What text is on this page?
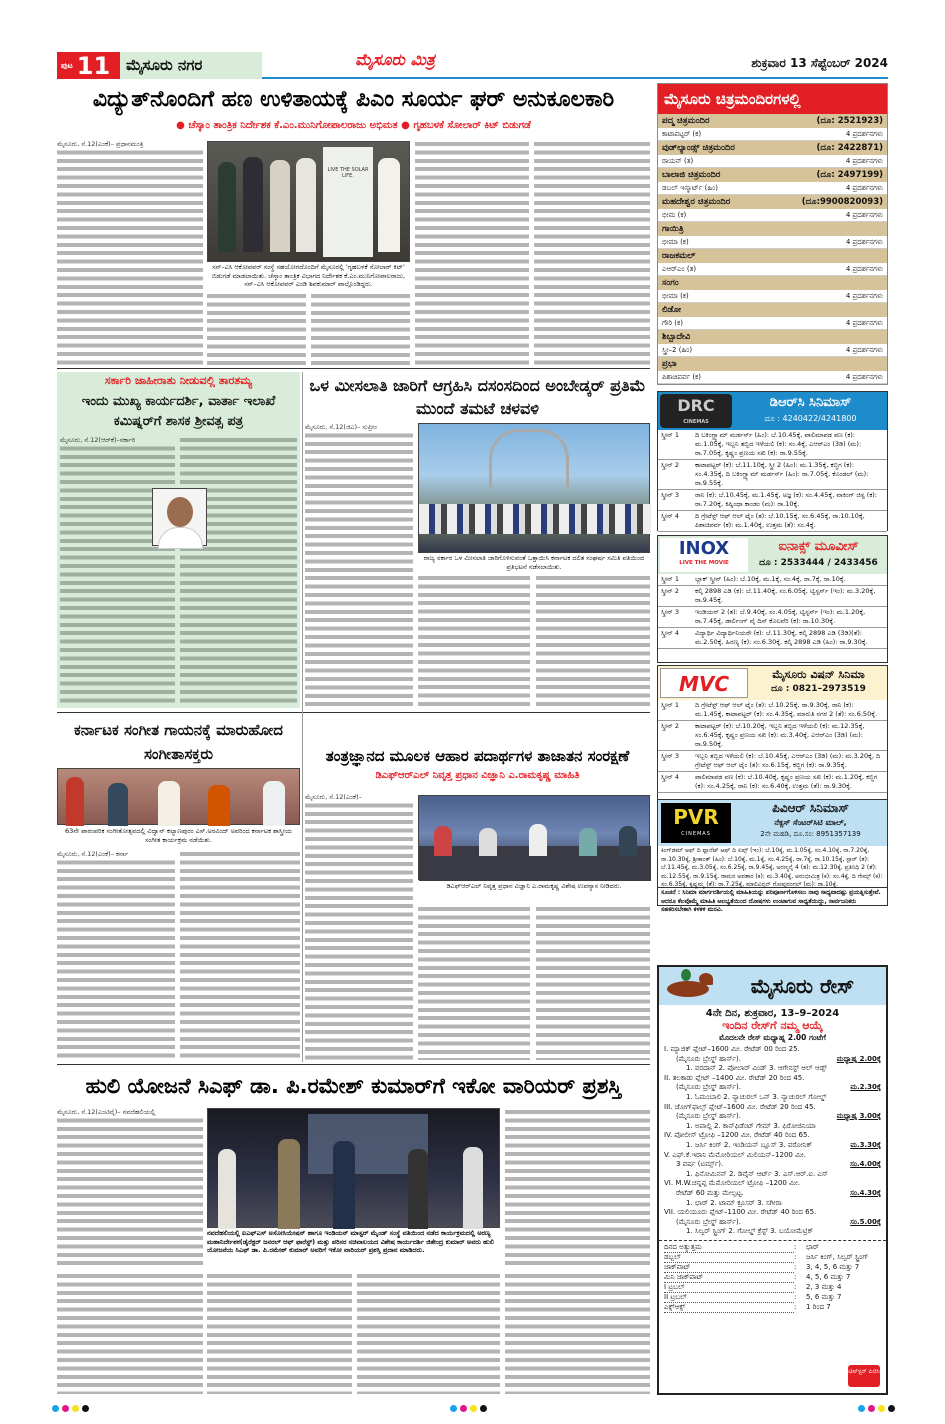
ಪುಟ 11	ಮೈಸೂರು ನಗರ	ಮೈಸೂರು ಮಿತ್ರ	ಶುಕ್ರವಾರ 13 ಸೆಪ್ಟೆಂಬರ್ 2024
ವಿದ್ಯುತ್‌ನೊಂದಿಗೆ ಹಣ ಉಳಿತಾಯಕ್ಕೆ ಪಿಎಂ ಸೂರ್ಯ ಘರ್ ಅನುಕೂಲಕಾರಿ
● ಚೆಸ್ಕಾಂ ತಾಂತ್ರಿಕ ನಿರ್ದೇಶಕ ಕೆ.ಎಂ.ಮುನಿಗೋಪಾಲರಾಜು ಅಭಿಮತ ● ಗೃಹಬಳಕೆ ಸೋಲಾರ್ ಕಿಟ್ ಬಿಡುಗಡೆ
ಮೈಸೂರು, ಸೆ.12(ಎಂಕೆ)– ಪ್ರಧಾನಮಂತ್ರಿ
LIVE THE SOLAR LIFE.
ಸನ್–ಎಸಿ ಆಕೋಪವರ್ ಸಂಸ್ಥೆ ಸಹಯೋಗದೊಂದಿಗೆ ಮೈಸೂರಲ್ಲಿ 'ಗೃಹಬಳಕೆ ಸೋಲಾರ್ ಕಿಟ್' ಬಿಡುಗಡೆ ಮಾಡಲಾಯಿತು. ಚೆಸ್ಕಾಂ ತಾಂತ್ರಿಕ ವಿಭಾಗದ ನಿರ್ದೇಶಕ ಕೆ.ಎಂ.ಮುನಿಗೋಪಾಲರಾಜು, ಸನ್–ಎಸಿ ಆಕೋಪವರ್ ಎಂಡಿ ಶಿವಕುಮಾರ್ ಪಾಲ್ಗೊಂಡಿದ್ದರು.
ಸರ್ಕಾರಿ ಜಾಹೀರಾತು ನೀಡುವಲ್ಲಿ ತಾರತಮ್ಯ
ಇಂದು ಮುಖ್ಯ ಕಾರ್ಯದರ್ಶಿ, ವಾರ್ತಾ ಇಲಾಖೆ ಕಮಿಷ್ನರ್‌ಗೆ ಶಾಸಕ ಶ್ರೀವತ್ಸ ಪತ್ರ
ಮೈಸೂರು, ಸೆ.12(ಆರ್‌ಕೆ)–ಸರ್ಕಾರಿ
ಒಳ ಮೀಸಲಾತಿ ಜಾರಿಗೆ ಆಗ್ರಹಿಸಿ ದಸಂಸದಿಂದ ಅಂಬೇಡ್ಕರ್ ಪ್ರತಿಮೆ ಮುಂದೆ ತಮಟೆ ಚಳವಳಿ
ಮೈಸೂರು, ಸೆ.12(ಜಿಎ)– ಸುಪ್ರೀಂ
ರಾಜ್ಯ ಸರ್ಕಾರ ಒಳ ಮೀಸಲಾತಿ ಜಾರಿಗೊಳಿಸುವಂತೆ ಒತ್ತಾಯಿಸಿ ಕರ್ನಾಟಕ ದಲಿತ ಸಂಘರ್ಷ ಸಮಿತಿ ವತಿಯಿಂದ ಪ್ರತಿಭಟನೆ ನಡೆಸಲಾಯಿತು.
ಕರ್ನಾಟಕ ಸಂಗೀತ ಗಾಯನಕ್ಕೆ ಮಾರುಹೋದ ಸಂಗೀತಾಸಕ್ತರು
63ನೇ ಪಾರಂಪರಿಕ ಸಂಗೀತೋತ್ಸವದಲ್ಲಿ ವಿದ್ವಾನ್ ಕಲ್ಯಾಣಪುರಂ ಎಸ್.ಅರವಿಂದ್ ಅವರಿಂದ ಕರ್ನಾಟಕ ಶಾಸ್ತ್ರೀಯ ಸಂಗೀತ ಕಾರ್ಯಕ್ರಮ ನಡೆಯಿತು.
ಮೈಸೂರು, ಸೆ.12(ಎಂಕೆ)– ಕರ್ನಾ
ತಂತ್ರಜ್ಞಾನದ ಮೂಲಕ ಆಹಾರ ಪದಾರ್ಥಗಳ ತಾಜಾತನ ಸಂರಕ್ಷಣೆ
ಡಿಎಫ್‌ಆರ್‌ಎಲ್ ನಿವೃತ್ತ ಪ್ರಧಾನ ವಿಜ್ಞಾನಿ ಎ.ರಾಮಕೃಷ್ಣ ಮಾಹಿತಿ
ಮೈಸೂರು, ಸೆ.12(ಎಂಕೆ)–
ಡಿಎಫ್‌ಆರ್‌ಎಲ್ ನಿವೃತ್ತ ಪ್ರಧಾನ ವಿಜ್ಞಾನಿ ಎ.ರಾಮಕೃಷ್ಣ ವಿಶೇಷ ಉಪನ್ಯಾಸ ನೀಡಿದರು.
ಹುಲಿ ಯೋಜನೆ ಸಿಎಫ್ ಡಾ. ಪಿ.ರಮೇಶ್ ಕುಮಾರ್‌ಗೆ ಇಕೋ ವಾರಿಯರ್ ಪ್ರಶಸ್ತಿ
ಮೈಸೂರು, ಸೆ.12(ಎಂಟಿವೈ)– ನವದೆಹಲಿಯಲ್ಲಿ
ನವದೆಹಲಿಯಲ್ಲಿ ಐಎಫ್‌ಎಸ್ ಅಸೋಸಿಯೇಷನ್ ಹಾಗೂ ಇಂಡಿಯನ್ ಮಾಸ್ಟರ್ ಮೈಂಡ್ ಸಂಸ್ಥೆ ವತಿಯಿಂದ ನಡೆದ ಕಾರ್ಯಕ್ರಮದಲ್ಲಿ ಅರಣ್ಯ ಮಹಾನಿರ್ದೇಶಕ(ಡೈರೆಕ್ಟರ್ ಜನರಲ್ ಆಫ್ ಫಾರೆಸ್ಟ್) ಮತ್ತು ಪರಿಸರ ಸಚಿವಾಲಯದ ವಿಶೇಷ ಕಾರ್ಯದರ್ಶಿ ಜಿತೇಂದ್ರ ಕುಮಾರ್ ಅವರು ಹುಲಿ ಯೋಜನೆಯ ಸಿಎಫ್ ಡಾ. ಪಿ.ರಮೇಶ್ ಕುಮಾರ್ ಅವರಿಗೆ ಇಕೋ ವಾರಿಯರ್ ಪ್ರಶಸ್ತಿ ಪ್ರದಾನ ಮಾಡಿದರು.
ಮೈಸೂರು ಚಿತ್ರಮಂದಿರಗಳಲ್ಲಿ
ಪದ್ಮ ಚಿತ್ರಮಂದಿರ	(ದೂ: 2521923)
ಕಾಟಾಪಟ್ಟರ್ (ಕ)	4 ಪ್ರದರ್ಶನಗಳು
ವುಡ್‌ಲ್ಯಾಂಡ್ಸ್ ಚಿತ್ರಮಂದಿರ	(ದೂ: 2422871)
ರಾಯನ್ (ತ)	4 ಪ್ರದರ್ಶನಗಳು
ಬಾಲಾಜಿ ಚಿತ್ರಮಂದಿರ	(ದೂ: 2497199)
ಡಬಲ್ ಇಸ್ಮಾರ್ಟ್ (ಹಿಂ)	4 ಪ್ರದರ್ಶನಗಳು
ಮಹದೇಶ್ವರ ಚಿತ್ರಮಂದಿರ	(ದೂ:9900820093)
ಭೀಮ (ಕ)	4 ಪ್ರದರ್ಶನಗಳು
ಗಾಯಿತ್ರಿ
ಭೀಮಾ (ಕ)	4 ಪ್ರದರ್ಶನಗಳು
ರಾಜಕಮಲ್
ಎಆರ್‌ಎಂ (ತ)	4 ಪ್ರದರ್ಶನಗಳು
ಸಂಗಂ
ಭೀಮಾ (ಕ)	4 ಪ್ರದರ್ಶನಗಳು
ಲಿಡೋ
ಗೌರಿ (ಕ)	4 ಪ್ರದರ್ಶನಗಳು
ಶಿಬ್ಬಾದೇವಿ
ಸ್ತ್ರೀ–2 (ಹಿಂ)	4 ಪ್ರದರ್ಶನಗಳು
ಪ್ರಭಾ
ಪಿಶಾಚಿಪರ್ವ (ಕ)	4 ಪ್ರದರ್ಶನಗಳು
DRC
CINEMAS
ಡಿಆರ್‌ಸಿ ಸಿನಿಮಾಸ್
ದೂ : 4240422/4241800
ಸ್ಕ್ರೀನ್ 1	ದಿ ಬಕಿಂಗ್ಹ್ಯಾಮ್ ಮರ್ಡರ್ಸ್ (ಹಿಂ): ಬೆ.10.45ಕ್ಕೆ, ಪಾಲಿಮಾಪಡ ಪಣ (ಕ): ಮ.1.05ಕ್ಕೆ, ಇಬ್ಬನಿ ತಬ್ಬಿದ ಇಳೆಯಲಿ (ಕ): ಸಂ.4ಕ್ಕೆ, ಎಆರ್‌ಎಂ (3ಡಿ) (ಮ): ರಾ.7.05ಕ್ಕೆ, ಕೃಷ್ಣಂ ಪ್ರಣಯ ಸಖಿ (ಕ): ರಾ.9.55ಕ್ಕೆ.
ಸ್ಕ್ರೀನ್ 2	ಕಾಟಾಪಟ್ಟರ್ (ಕ): ಬೆ.11.10ಕ್ಕೆ, ಸ್ತ್ರೀ 2 (ಹಿಂ): ಮ.1.35ಕ್ಕೆ, ಕಬ್ಜಿಗ (ಕ): ಸಂ.4.35ಕ್ಕೆ, ದಿ ಬಕಿಂಗ್ಹ್ಯಾಮ್ ಮರ್ಡರ್ಸ್ (ಹಿಂ): ರಾ.7.05ಕ್ಕೆ, ಕೊಂಡಲ್ (ಮ): ರಾ.9.55ಕ್ಕೆ.
ಸ್ಕ್ರೀನ್ 3	ರಾನಿ (ಕ): ಬೆ.10.45ಕ್ಕೆ, ಮ.1.45ಕ್ಕೆ, ಅಜ್ಞ (ಕ): ಸಂ.4.45ಕ್ಕೆ, ವಾಕಿಂಗ್ ಜಿಸ್ಟ (ಕ): ರಾ.7.20ಕ್ಕೆ, ಕಿಷ್ಕಿಂಧಾ ಕಾಂಡಂ (ಮ): ರಾ.10ಕ್ಕೆ.
ಸ್ಕ್ರೀನ್ 4	ದಿ ಗ್ರೇಟೆಸ್ಟ್ ಆಫ್ ಆಲ್ ಟೈಂ (ತ): ಬೆ.10.15ಕ್ಕೆ, ಸಂ.6.45ಕ್ಕೆ, ರಾ.10.10ಕ್ಕೆ, ಪಿಶಾಚಿಪರ್ವ (ಕ): ಮ.1.40ಕ್ಕೆ, ಉತ್ತಮ (ತೆ): ಸಂ.4ಕ್ಕೆ.
INOX
LIVE THE MOVIE
ಐನಾಕ್ಸ್ ಮೂವೀಸ್
ದೂ : 2533444 / 2433456
ಸ್ಕ್ರೀನ್ 1	ಬ್ಲಾಕ್ ಸ್ಕ್ರೀನ್ (ಹಿಂ): ಬೆ.10ಕ್ಕೆ, ಮ.1ಕ್ಕೆ, ಸಂ.4ಕ್ಕೆ, ರಾ.7ಕ್ಕೆ, ರಾ.10ಕ್ಕೆ.
ಸ್ಕ್ರೀನ್ 2	ಕಲ್ಕಿ 2898 ಎಡಿ (ಕ): ಬೆ.11.40ಕ್ಕೆ, ಸಂ.6.05ಕ್ಕೆ, ಟ್ವಿಸ್ಟರ್ಸ್ (ಇಂ): ಮ.3.20ಕ್ಕೆ, ರಾ.9.45ಕ್ಕೆ.
ಸ್ಕ್ರೀನ್ 3	ಇಂಡಿಯನ್ 2 (ತ): ಬೆ.9.40ಕ್ಕೆ, ಸಂ.4.05ಕ್ಕೆ, ಟ್ವಿಸ್ಟರ್ಸ್ (ಇಂ): ಮ.1.20ಕ್ಕೆ, ರಾ.7.45ಕ್ಕೆ, ಡಾರ್ಲಿಂಗ್ ವೈ ದಿಸ್ ಕೊಲವೆರಿ (ಕ): ರಾ.10.30ಕ್ಕೆ.
ಸ್ಕ್ರೀನ್ 4	ವಿದ್ಯಾರ್ಥಿ ವಿದ್ಯಾರ್ಥಿನಿಯರೇ (ಕ): ಬೆ.11.30ಕ್ಕೆ, ಕಲ್ಕಿ 2898 ಎಡಿ (3ಡಿ)(ತೆ): ಮ.2.50ಕ್ಕೆ, ಹಿರಣ್ಯ (ಕ): ಸಂ.6.30ಕ್ಕೆ, ಕಲ್ಕಿ 2898 ಎಡಿ (ಹಿಂ): ರಾ.9.30ಕ್ಕೆ.
MVC	ಮೈಸೂರು ವಿಷನ್ ಸಿನಿಮಾ
ದೂ : 0821–2973519
ಸ್ಕ್ರೀನ್ 1	ದಿ ಗ್ರೇಟೆಸ್ಟ್ ಆಫ್ ಆಲ್ ಟೈಂ (ತ): ಬೆ.10.25ಕ್ಕೆ, ರಾ.9.30ಕ್ಕೆ, ರಾನಿ (ಕ): ಮ.1.45ಕ್ಕೆ, ಕಾಟಾಪಟ್ಟರ್ (ಕ): ಸಂ.4.35ಕ್ಕೆ, ಮಾರುತಿ ನಗರ 2 (ತೆ): ಸಂ.6.50ಕ್ಕೆ.
ಸ್ಕ್ರೀನ್ 2	ಕಾಟಾಪಟ್ಟರ್ (ಕ): ಬೆ.10.20ಕ್ಕೆ, ಇಬ್ಬನಿ ತಬ್ಬಿದ ಇಳೆಯಲಿ (ಕ): ಮ.12.35ಕ್ಕೆ, ಸಂ.6.45ಕ್ಕೆ, ಕೃಷ್ಣಂ ಪ್ರಣಯ ಸಖಿ (ಕ): ಮ.3.40ಕ್ಕೆ, ಎಆರ್‌ಎಂ (3ಡಿ) (ಮ): ರಾ.9.50ಕ್ಕೆ.
ಸ್ಕ್ರೀನ್ 3	ಇಬ್ಬನಿ ತಬ್ಬಿದ ಇಳೆಯಲಿ (ಕ): ಬೆ.10.45ಕ್ಕೆ, ಎಆರ್‌ಎಂ (3ಡಿ) (ಮ): ಮ.3.20ಕ್ಕೆ, ದಿ ಗ್ರೇಟೆಸ್ಟ್ ಆಫ್ ಆಲ್ ಟೈಂ (ತ): ಸಂ.6.15ಕ್ಕೆ, ಕಬ್ಜಿಗ (ಕ): ರಾ.9.35ಕ್ಕೆ.
ಸ್ಕ್ರೀನ್ 4	ಪಾಲಿಮಾಪಡ ಪಣ (ಕ): ಬೆ.10.40ಕ್ಕೆ, ಕೃಷ್ಣಂ ಪ್ರಣಯ ಸಖಿ (ಕ): ಮ.1.20ಕ್ಕೆ, ಕಬ್ಜಿಗ (ಕ): ಸಂ.4.25ಕ್ಕೆ, ರಾನಿ (ಕ): ಸಂ.6.40ಕ್ಕೆ, ಉತ್ತಮ (ತೆ): ರಾ.9.30ಕ್ಕೆ.
PVR
CINEMAS
ಪಿವಿಆರ್ ಸಿನಿಮಾಸ್
ನೆಕ್ಸಸ್ ಸೆಂಟರ್‌ಸಿಟಿ ಮಾಲ್,
2ನೇ ಮಹಡಿ, ದೂ.ಸಂ: 8951357139
ಕಿಂಗ್‌ಡಮ್ ಆಫ್ ದಿ ಪ್ಲಾನೆಟ್ ಆಫ್ ದಿ ಏಪ್ಸ್ (ಇಂ): ಬೆ.10ಕ್ಕೆ, ಮ.1.05ಕ್ಕೆ, ಸಂ.4.10ಕ್ಕೆ, ರಾ.7.20ಕ್ಕೆ, ರಾ.10.30ಕ್ಕೆ, ಶ್ರೀಕಾಂತ್ (ಹಿಂ): ಬೆ.10ಕ್ಕೆ, ಮ.1ಕ್ಕೆ, ಸಂ.4.25ಕ್ಕೆ, ರಾ.7ಕ್ಕೆ, ರಾ.10.15ಕ್ಕೆ, ಸ್ಟಾರ್ (ತ): ಬೆ.11.45ಕ್ಕೆ, ಮ.3.05ಕ್ಕೆ, ಸಂ.6.25ಕ್ಕೆ, ರಾ.9.45ಕ್ಕೆ, ಅರಣ್ಮನೈ 4 (ತ): ಮ.12.30ಕ್ಕೆ, ಪ್ರತಿನಿಧಿ 2 (ತೆ): ಮ.12.55ಕ್ಕೆ, ರಾ.9.15ಕ್ಕೆ, ರಾಮನ ಅವತಾರ (ಕ): ಮ.3.40ಕ್ಕೆ, ಆರಂಭೀಮಿತ್ರ (ಕ): ಸಂ.4ಕ್ಕೆ, ದಿ ಗೇಮ್ಸ್ (ಕ): ಸಂ.6.35ಕ್ಕೆ, ಕೃಷ್ಣಮ್ಮ (ತೆ): ರಾ.7.25ಕ್ಕೆ, ಮಾಲಿವಿನ್ಸನ್ ಗೋಪುರಂಗಲ್ (ಮ): ರಾ.10ಕ್ಕೆ.
ಸೂಚನೆ : ಸಿನಿಮಾ ಮಾರ್ಗದರ್ಶಿಯಲ್ಲಿ ಮಾಹಿತಿಯನ್ನು ಪರಿಪೂರ್ಣಗೊಳಿಸಲು ನಾವು ಸಾಧ್ಯವಾದಷ್ಟು ಪ್ರಯತ್ನಿಸುತ್ತೇವೆ. ಆದರೂ ಕೆಲವೊಮ್ಮೆ ಮಾಹಿತಿ ಅಲಭ್ಯತೆಯಿಂದ ದೋಷಗಳು ಉಂಟಾಗುವ ಸಾಧ್ಯತೆಯಿದ್ದು, ಸಾರ್ವಜನಿಕರು ಸಹಕರಿಸಬೇಕಾಗಿ ಕಳಕಳಿ ಮನವಿ.
ಮೈಸೂರು ರೇಸ್
4ನೇ ದಿನ, ಶುಕ್ರವಾರ, 13–9–2024
ಇಂದಿನ ರೇಸ್‌ಗೆ ನಮ್ಮ ಆಯ್ಕೆ
ಮೊದಲನೇ ರೇಸ್ ಮಧ್ಯಾಹ್ನ 2.00 ಗಂಟೆಗೆ
I. ಮ್ಯಾಜಿಕ್ ಪ್ಲೇಟ್–1600 ಮೀ. ರೇಟೆಡ್ 00 ರಿಂದ 25.
(ಮೈಸೂರು ಬ್ರೇಸ್ಡ್ ಹಾರ್ಸ್).	ಮಧ್ಯಾಹ್ನ 2.00ಕ್ಕೆ
1. ವರದಾನ್ 2. ಪೋಲಾರ್ ವಿಂಡ್ 3. ಆಗೇನಸ್ಟ್ ಆಲ್ ಆಡ್ಸ್
II. ತಲಕಾಡು ಪ್ಲೇಟ್ –1400 ಮೀ. ರೇಟೆಡ್ 20 ರಿಂದ 45.
(ಮೈಸೂರು ಬ್ರೇಸ್ಡ್ ಹಾರ್ಸ್).	ಮ.2.30ಕ್ಕೆ
1. ಓಮಂಬಾಲಿ 2. ನ್ಯಾಚುರಲ್ ಒನ್ 3. ನ್ಯಾಚುರಲ್ ಗೋಲ್ಡ್
III. ಜೋಗ್‌ಫಾಲ್ಸ್ ಪ್ಲೇಟ್–1600 ಮೀ. ರೇಟೆಡ್ 20 ರಿಂದ 45.
(ಮೈಸೂರು ಬ್ರೇಸ್ಡ್ ಹಾರ್ಸ್).	ಮಧ್ಯಾಹ್ನ 3.00ಕ್ಕೆ
1. ಅಪಾಲ್ಲಿ 2. ಕಾನ್‌ಫಿಡೆಂಟ್ ಗೇಮ್ 3. ಫಿರೋಜಿನಿಯಾ
IV. ಪೋಲೀಸ್ ಟ್ರೋಫಿ –1200 ಮೀ. ರೇಟೆಡ್ 40 ರಿಂದ 65.
ಮ.3.30ಕ್ಕೆ
1. ಜರ್ಸಿ ಕಿಂಗ್ 2. ಇಂಡಿಯನ್ ಬ್ಲೂಸ್ 3. ವರೋನಿಕ್
V. ಎಫ್.ಕೆ.ಇರಾನಿ ಮೆಮೋರಿಯಲ್ ಮಿಲಿಯನ್–1200 ಮೀ.
3 ವರ್ಷ (ಟರ್ಮ್ಸ್).	ಸಂ.4.00ಕ್ಕೆ
1. ಫಿನೋಮಿನನ್ 2. ಡಿವೈನ್ ಆರ್ಟ್ 3. ಎಸ್.ಆರ್.ಐ. ಎಸ್
VI. M.W.ಚನ್ನಪ್ಪ ಮೆಮೋರಿಯಲ್ ಟ್ರೋಫಿ –1200 ಮೀ.
ರೇಟೆಡ್ 60 ಮತ್ತು ಮೇಲ್ಪಟ್ಟ.	ಸಂ.4.30ಕ್ಕೆ
1. ಛಾರ್ 2. ಟಾಮ್ ಕ್ರೂಸರ್ 3. ಸಗೀರಾ
VII. ಯಲಿಯೂರು ಪ್ಲೇಟ್–1100 ಮೀ. ರೇಟೆಡ್ 40 ರಿಂದ 65.
(ಮೈಸೂರು ಬ್ರೇಸ್ಡ್ ಹಾರ್ಸ್).	ಸಂ.5.00ಕ್ಕೆ
1. ಸಿಲ್ವರ್ ಸ್ಟ್ರಿಂಗ್ 2. ಗೋಲ್ಡ್ ಕ್ರೆಸ್ಟ್ 3. ಬಯೋಮೆಟ್ರಿಕ್
ದಿನದ ಅತ್ಯುತ್ತಮ	:	ಛಾರ್
ಡಬ್ಬಲ್	:	ಜರ್ಸಿ ಕಿಂಗ್, ಸಿಲ್ವರ್ ಸ್ಟ್ರಿಂಗ್
ಜಾಕ್‌ಪಾಟ್	:	3, 4, 5, 6 ಮತ್ತು 7
ಮಿನಿ ಜಾಕ್‌ಪಾಟ್	:	4, 5, 6 ಮತ್ತು 7
I ಟ್ರಬಲ್	:	2, 3 ಮತ್ತು 4
II ಟ್ರಬಲ್	:	5, 6 ಮತ್ತು 7
ಎಕ್ಸ್‌ಆಕ್ಸ್	:	1 ರಿಂದ 7
ಟಿಪ್‌ಸ್ಟರ್ ಪಿಜಿಸಿ
